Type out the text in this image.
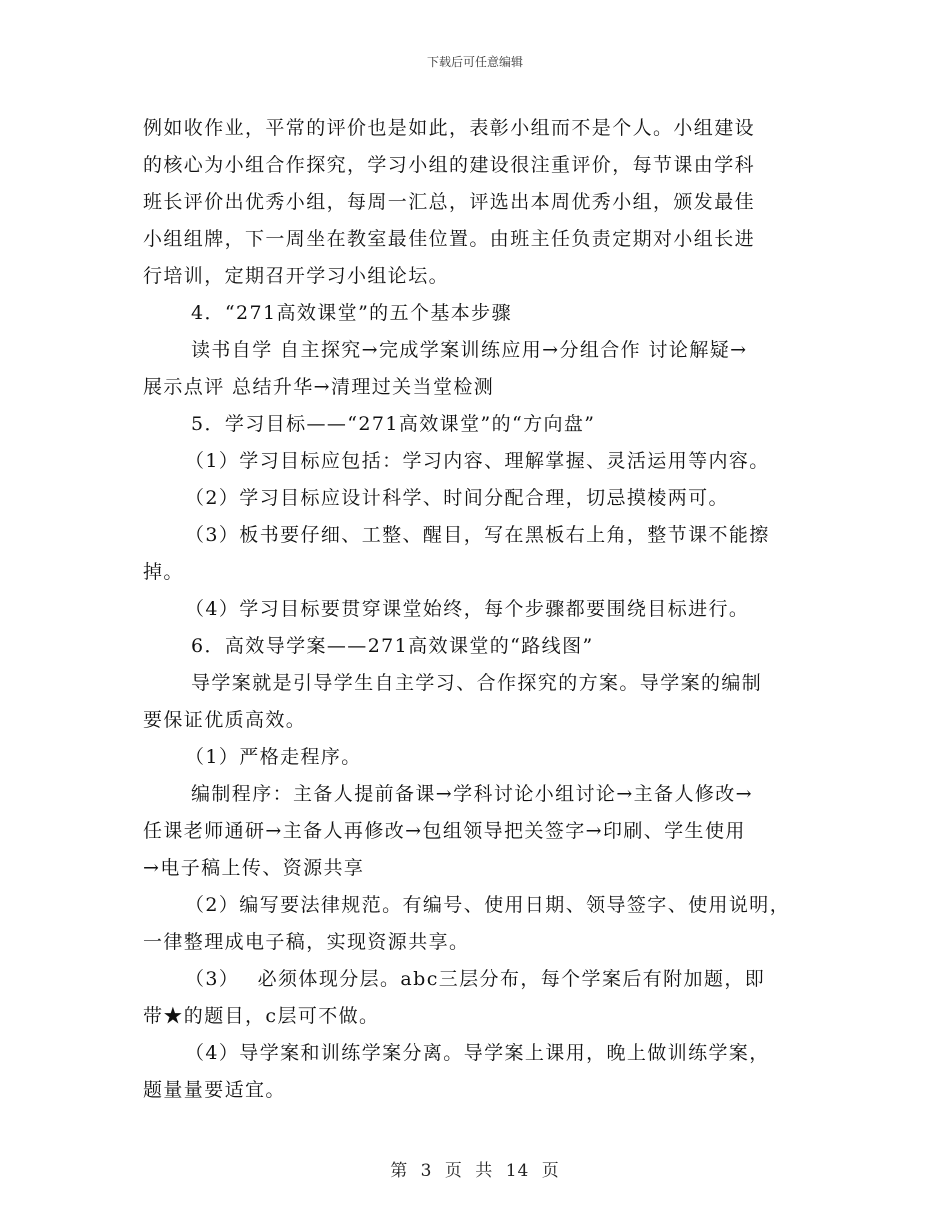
下载后可任意编辑
例如收作业，平常的评价也是如此，表彰小组而不是个人。小组建设
的核心为小组合作探究，学习小组的建设很注重评价，每节课由学科
班长评价出优秀小组，每周一汇总，评选出本周优秀小组，颁发最佳
小组组牌，下一周坐在教室最佳位置。由班主任负责定期对小组长进
行培训，定期召开学习小组论坛。
4．“271高效课堂”的五个基本步骤
读书自学 自主探究→完成学案训练应用→分组合作 讨论解疑→
展示点评 总结升华→清理过关当堂检测
5．学习目标——“271高效课堂”的“方向盘”
（1）学习目标应包括：学习内容、理解掌握、灵活运用等内容。
（2）学习目标应设计科学、时间分配合理，切忌摸棱两可。
（3）板书要仔细、工整、醒目，写在黑板右上角，整节课不能擦
掉。
（4）学习目标要贯穿课堂始终，每个步骤都要围绕目标进行。
6．高效导学案——271高效课堂的“路线图”
导学案就是引导学生自主学习、合作探究的方案。导学案的编制
要保证优质高效。
（1）严格走程序。
编制程序：主备人提前备课→学科讨论小组讨论→主备人修改→
任课老师通研→主备人再修改→包组领导把关签字→印刷、学生使用
→电子稿上传、资源共享
（2）编写要法律规范。有编号、使用日期、领导签字、使用说明，
一律整理成电子稿，实现资源共享。
（3）　 必须体现分层。abc三层分布，每个学案后有附加题，即
带★的题目，c层可不做。
（4）导学案和训练学案分离。导学案上课用，晚上做训练学案，
题量量要适宜。
第 3 页 共 14 页
